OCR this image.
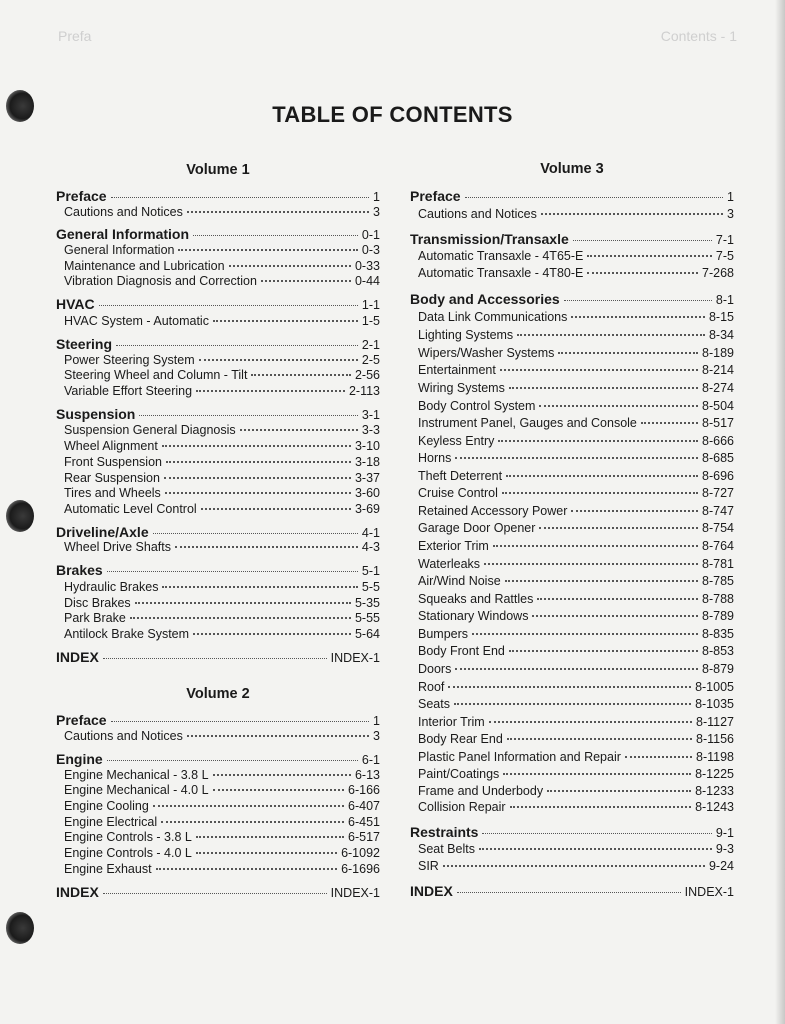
Prefa	Contents - 1
TABLE OF CONTENTS
Volume 1
Preface	1
Cautions and Notices	3
General Information	0-1
General Information	0-3
Maintenance and Lubrication	0-33
Vibration Diagnosis and Correction	0-44
HVAC	1-1
HVAC System - Automatic	1-5
Steering	2-1
Power Steering System	2-5
Steering Wheel and Column - Tilt	2-56
Variable Effort Steering	2-113
Suspension	3-1
Suspension General Diagnosis	3-3
Wheel Alignment	3-10
Front Suspension	3-18
Rear Suspension	3-37
Tires and Wheels	3-60
Automatic Level Control	3-69
Driveline/Axle	4-1
Wheel Drive Shafts	4-3
Brakes	5-1
Hydraulic Brakes	5-5
Disc Brakes	5-35
Park Brake	5-55
Antilock Brake System	5-64
INDEX	INDEX-1
Volume 2
Preface	1
Cautions and Notices	3
Engine	6-1
Engine Mechanical - 3.8 L	6-13
Engine Mechanical - 4.0 L	6-166
Engine Cooling	6-407
Engine Electrical	6-451
Engine Controls - 3.8 L	6-517
Engine Controls - 4.0 L	6-1092
Engine Exhaust	6-1696
INDEX	INDEX-1
Volume 3
Preface	1
Cautions and Notices	3
Transmission/Transaxle	7-1
Automatic Transaxle - 4T65-E	7-5
Automatic Transaxle - 4T80-E	7-268
Body and Accessories	8-1
Data Link Communications	8-15
Lighting Systems	8-34
Wipers/Washer Systems	8-189
Entertainment	8-214
Wiring Systems	8-274
Body Control System	8-504
Instrument Panel, Gauges and Console	8-517
Keyless Entry	8-666
Horns	8-685
Theft Deterrent	8-696
Cruise Control	8-727
Retained Accessory Power	8-747
Garage Door Opener	8-754
Exterior Trim	8-764
Waterleaks	8-781
Air/Wind Noise	8-785
Squeaks and Rattles	8-788
Stationary Windows	8-789
Bumpers	8-835
Body Front End	8-853
Doors	8-879
Roof	8-1005
Seats	8-1035
Interior Trim	8-1127
Body Rear End	8-1156
Plastic Panel Information and Repair	8-1198
Paint/Coatings	8-1225
Frame and Underbody	8-1233
Collision Repair	8-1243
Restraints	9-1
Seat Belts	9-3
SIR	9-24
INDEX	INDEX-1
